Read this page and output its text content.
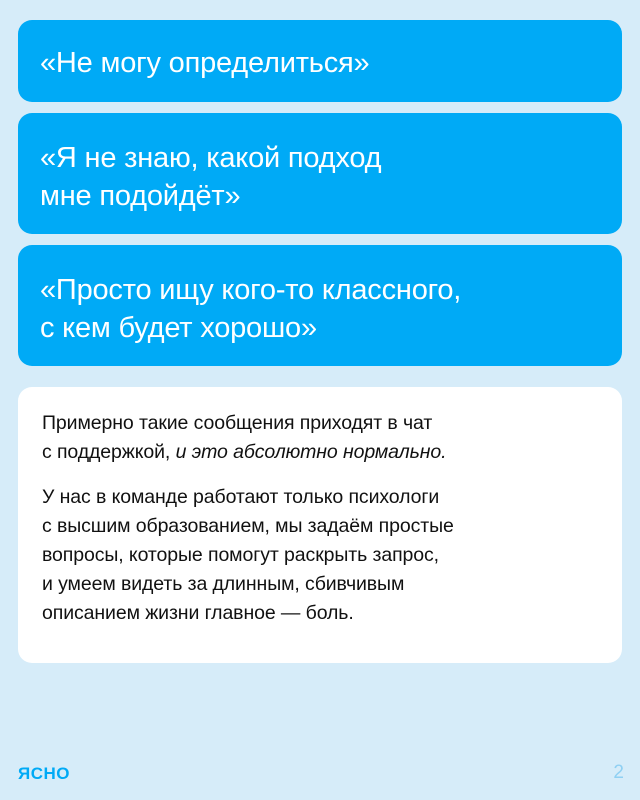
«Не могу определиться»
«Я не знаю, какой подход
мне подойдёт»
«Просто ищу кого-то классного,
с кем будет хорошо»

Примерно такие сообщения приходят в чат
с поддержкой, и это абсолютно нормально.

У нас в команде работают только психологи
с высшим образованием, мы задаём простые
вопросы, которые помогут раскрыть запрос,
и умеем видеть за длинным, сбивчивым
описанием жизни главное — боль.

ЯСНО	2
